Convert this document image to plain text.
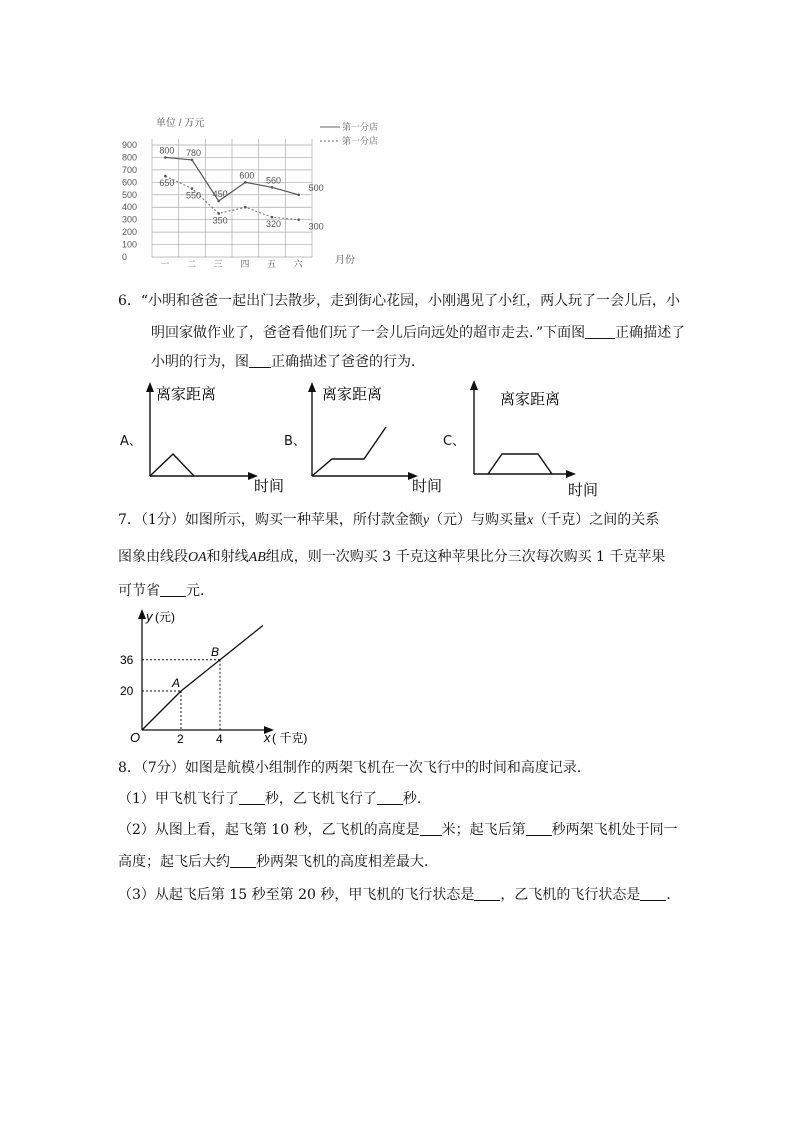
900
800
700
600
500
400
300
200
100
0
一 二 三 四 五 六
800 780
450
600 560
500
650
550
350	320	300
单位 / 万元
月份
第一分店
第一分店
6．“小明和爸爸一起出门去散步，走到街心花园，小刚遇见了小红，两人玩了一会儿后，小
明回家做作业了，爸爸看他们玩了一会儿后向远处的超市走去．”下面图 正确描述了
小明的行为，图 正确描述了爸爸的行为．
A、
离家距离
时间
B、
离家距离
时间
C、
离家距离
时间
7．（1分）如图所示，购买一种苹果，所付款金额y（元）与购买量x（千克）之间的关系
图象由线段OA和射线AB组成，则一次购买 3 千克这种苹果比分三次每次购买 1 千克苹果
可节省 元．
A
2
20
B
4
36
y (元)
x ( 千克)
O
8．（7分）如图是航模小组制作的两架飞机在一次飞行中的时间和高度记录．
（1）甲飞机飞行了 秒，乙飞机飞行了 秒．
（2）从图上看，起飞第 10 秒，乙飞机的高度是 米；起飞后第 秒两架飞机处于同一
高度；起飞后大约 秒两架飞机的高度相差最大．
（3）从起飞后第 15 秒至第 20 秒，甲飞机的飞行状态是 ，乙飞机的飞行状态是 ．
